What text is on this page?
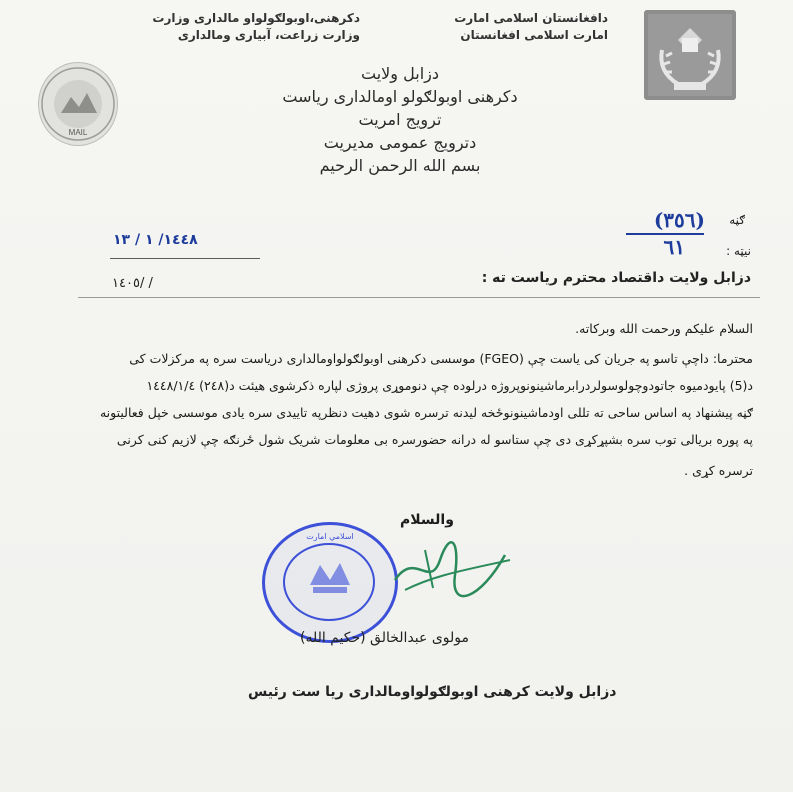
دافغانستان اسلامی امارت
امارت اسلامی افغانستان
دکرهنی،اوبولګولواو مالداری وزارت
وزارت زراعت، آبیاری ومالداری
MAIL
دزابل ولایت
دکرهنی اوبولګولو اومالداری ریاست
ترویج امریت
دترویج عمومی مدیریت
بسم الله الرحمن الرحیم
ګڼه
(٣٥٦)
نیټه :
٦١
١٤٤٨/ ١ / ١٣
١٤٠٥/ /	دزابل ولایت داقتصاد محترم ریاست ته :
السلام علیکم ورحمت الله وبرکاته.
محترما: داچې تاسو په جریان کی یاست چې (FGEO) موسسی دکرهنی اوبولګولواومالداری دریاست سره په مرکزلات کی
د(5) پایودمیوه جاتودوچولوسولردرابرماشینونوپروژه درلوده چې دنوموړی پروژی لپاره ذکرشوی هیئت د(٢٤٨) ١٤٤٨/١/٤
ګڼه پیشنهاد په اساس ساحی ته تللی اودماشینونوځخه لیدنه ترسره شوی دهیت دنظرپه تاییدی سره یادی موسسی خپل فعالیتونه
په پوره بریالی توب سره بشپړکړی دی چې ستاسو له درانه حضورسره بی معلومات شریک شول ځرنګه چې لازیم کنی کرنی
ترسره کړی .
والسلام
اسلامي امارت
مولوی عبدالخالق (حکیم الله)
دزابل ولایت کرهنی اوبولګولواومالداری ریا ست رئیس
